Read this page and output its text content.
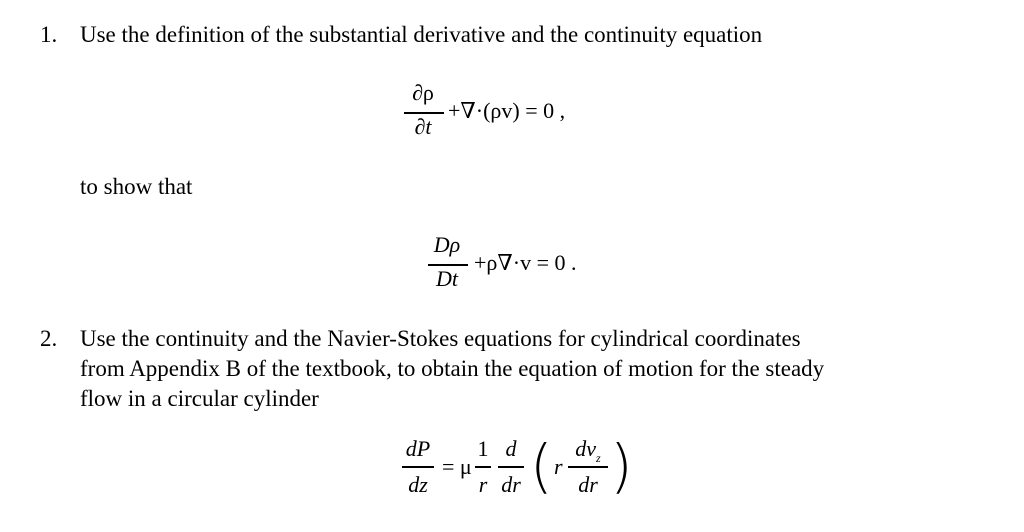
1. Use the definition of the substantial derivative and the continuity equation
∂ρ
∂t
+∇·(ρv) = 0 ,
to show that
Dρ
Dt
+ρ∇·v = 0 .
2. Use the continuity and the Navier-Stokes equations for cylindrical coordinates
from Appendix B of the textbook, to obtain the equation of motion for the steady
flow in a circular cylinder
dP
dz
= μ
1
r
d
dr ( r
$dv_z$
dr )
